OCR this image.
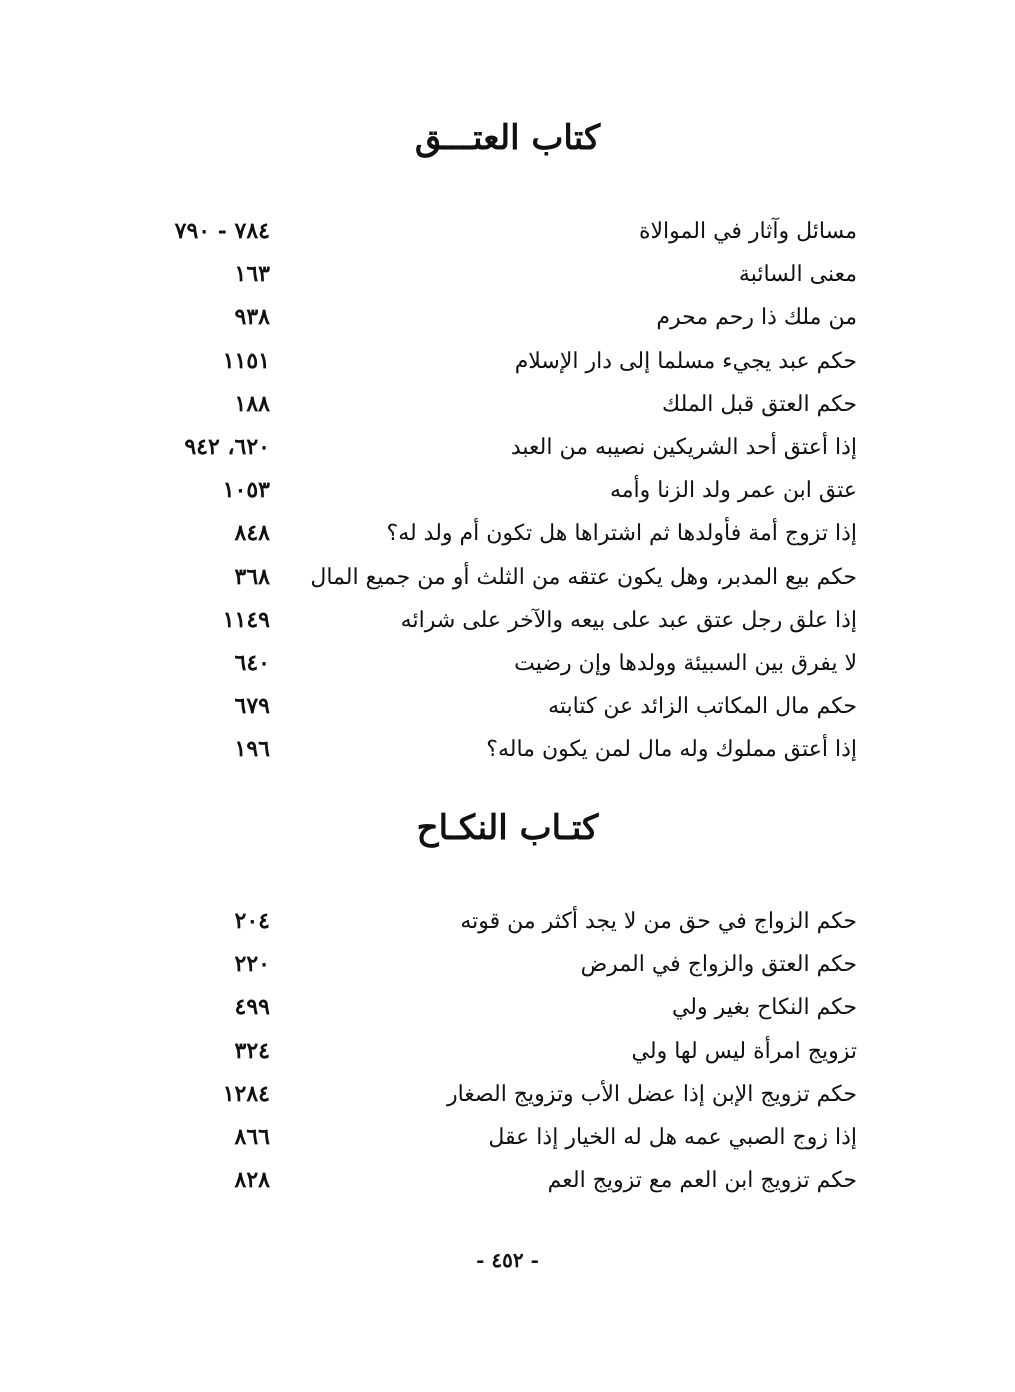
كتاب العتـــق
مسائل وآثار في الموالاة
٧٨٤ - ٧٩٠
معنى السائبة
١٦٣
من ملك ذا رحم محرم
٩٣٨
حكم عبد يجيء مسلما إلى دار الإسلام
١١٥١
حكم العتق قبل الملك
١٨٨
إذا أعتق أحد الشريكين نصيبه من العبد
٦٢٠، ٩٤٢
عتق ابن عمر ولد الزنا وأمه
١٠٥٣
إذا تزوج أمة فأولدها ثم اشتراها هل تكون أم ولد له؟
٨٤٨
حكم بيع المدبر، وهل يكون عتقه من الثلث أو من جميع المال
٣٦٨
إذا علق رجل عتق عبد على بيعه والآخر على شرائه
١١٤٩
لا يفرق بين السبيئة وولدها وإن رضيت
٦٤٠
حكم مال المكاتب الزائد عن كتابته
٦٧٩
إذا أعتق مملوك وله مال لمن يكون ماله؟
١٩٦
كتـاب النكـاح
حكم الزواج في حق من لا يجد أكثر من قوته
٢٠٤
حكم العتق والزواج في المرض
٢٢٠
حكم النكاح بغير ولي
٤٩٩
تزويج امرأة ليس لها ولي
٣٢٤
حكم تزويج الإبن إذا عضل الأب وتزويج الصغار
١٢٨٤
إذا زوج الصبي عمه هل له الخيار إذا عقل
٨٦٦
حكم تزويج ابن العم مع تزويج العم
٨٢٨
- ٤٥٢ -
